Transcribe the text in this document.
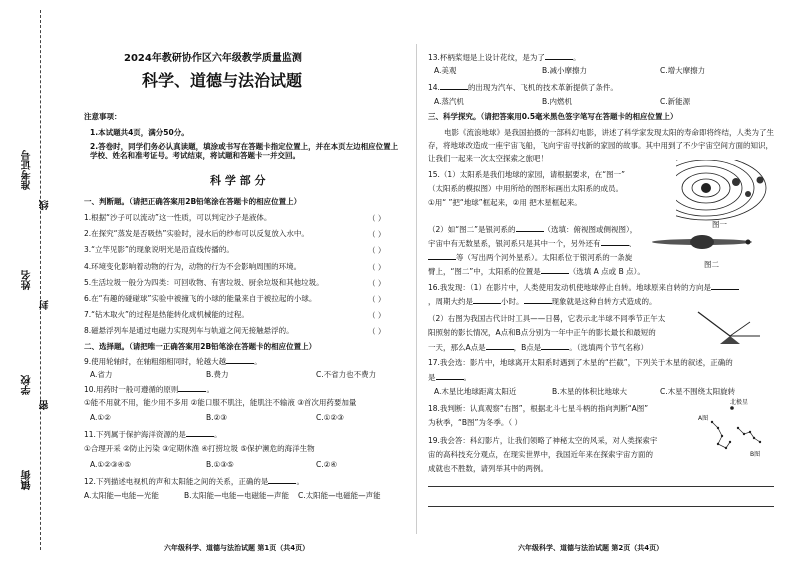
准考证号
线
姓名
封
学校
密
镇街
2024年教研协作区六年级教学质量监测
科学、道德与法治试题
注意事项：
1.本试题共4页，满分50分。
2.答卷时，同学们务必认真读题，填涂或书写在答题卡指定位置上，并在本页左边相应位置上学校、姓名和准考证号。考试结束，将试题和答题卡一并交回。
科 学 部 分
一、判断题。（请把正确答案用2B铅笔涂在答题卡的相应位置上）
1.根据“沙子可以流动”这一性质，可以判定沙子是液体。	（ ）
2.在探究“蒸发是否吸热”实验时，浸水后的纱布可以反复放入水中。	（ ）
3.“立竿见影”的现象说明光是沿直线传播的。	（ ）
4.环境变化影响着动物的行为，动物的行为不会影响周围的环境。	（ ）
5.生活垃圾一般分为四类：可回收物、有害垃圾、厨余垃圾和其他垃圾。	（ ）
6.在“有趣的碰碰球”实验中被撞飞的小球的能量来自于被拉起的小球。	（ ）
7.“钻木取火”的过程是热能转化成机械能的过程。	（ ）
8.磁悬浮列车是通过电磁力实现列车与轨道之间无接触悬浮的。	（ ）
二、选择题。（请把唯一正确答案用2B铅笔涂在答题卡的相应位置上）
9.使用轮轴时，在轴粗细相同时，轮越大越	。
A.省力	B.费力	C.不省力也不费力
10.用药时一般可遵循的原则	。
①能不用就不用，能少用不多用 ②能口服不肌注，能肌注不输液 ③首次用药要加量
A.①②	B.②③	C.①②③
11.下列属于保护海洋资源的是	。
①合理开采 ②防止污染 ③定期休渔 ④打捞垃圾 ⑤保护濒危的海洋生物
A.①②③④⑤	B.①③⑤	C.②④
12.下列描述电视机的声和太阳能之间的关系，正确的是	。
A.太阳能—电能—光能	B.太阳能—电能—电磁能—声能 C.太阳能—电磁能—声能
六年级科学、道德与法治试题 第1页（共4页）
13.杯柄桨翅是上设计花纹，是为了	。
A.美观	B.减小摩擦力	C.增大摩擦力
14.	的出现为汽车、飞机的技术革新提供了条件。
A.蒸汽机	B.内燃机	C.新能源
三、科学探究。（请把答案用0.5毫米黑色签字笔写在答题卡的相应位置上）
电影《流浪地球》是我国拍摄的一部科幻电影，讲述了科学家发现太阳的寿命即将终结，人类为了生存，将地球改造成一座宇宙飞船，飞向宇宙寻找新的家园的故事。其中用到了不少宇宙空间方面的知识，让我们一起来一次太空探索之旅吧！
15.（1）太阳系是我们地球的家园，请根据要求，在“图一”
（太阳系的模拟图）中用所给的图形标画出太阳系的成员。
①用“ ”把“地球”框起来，②用 把木星框起来。
图一
（2）如“图二”是银河系的	（选填：俯视图或侧视图），
宇宙中有无数星系，银河系只是其中一个，另外还有	、
等（写出两个河外星系）。太阳系位于银河系的一条旋
臂上，“图二”中，太阳系的位置是	（选填 A 点或 B 点）。
图二
16.我发现：（1）在影片中，人类使用发动机使地球停止自转。地球原来自转的方向是
，周期大约是	小时。	现象就是这种自转方式造成的。
（2）右图为我国古代计时工具——日晷，它表示北半球不同季节正午太
阳照射的影长情况，A点和B点分别为一年中正午的影长最长和最短的
一天，那么A点是	，B点是	。（选填两个节气名称）
17.我会选：影片中，地球离开太阳系时遇到了木星的“拦截”，下列关于木星的叙述，正确的
是	。
A.木星比地球距离太阳近	B.木星的体积比地球大	C.木星不围绕太阳旋转
18.我判断：认真观察“右图”，根据北斗七星斗柄的指向判断“A图”
为秋季，“B图”为冬季。（ ）
北极星
A图
B图
19.我会答：科幻影片，让我们领略了神秘太空的风采，对人类探索宇
宙的高科技充分观点，在现实世界中，我国近年来在探索宇宙方面的
成就也不胜数，请列举其中的两例。
六年级科学、道德与法治试题 第2页（共4页）
